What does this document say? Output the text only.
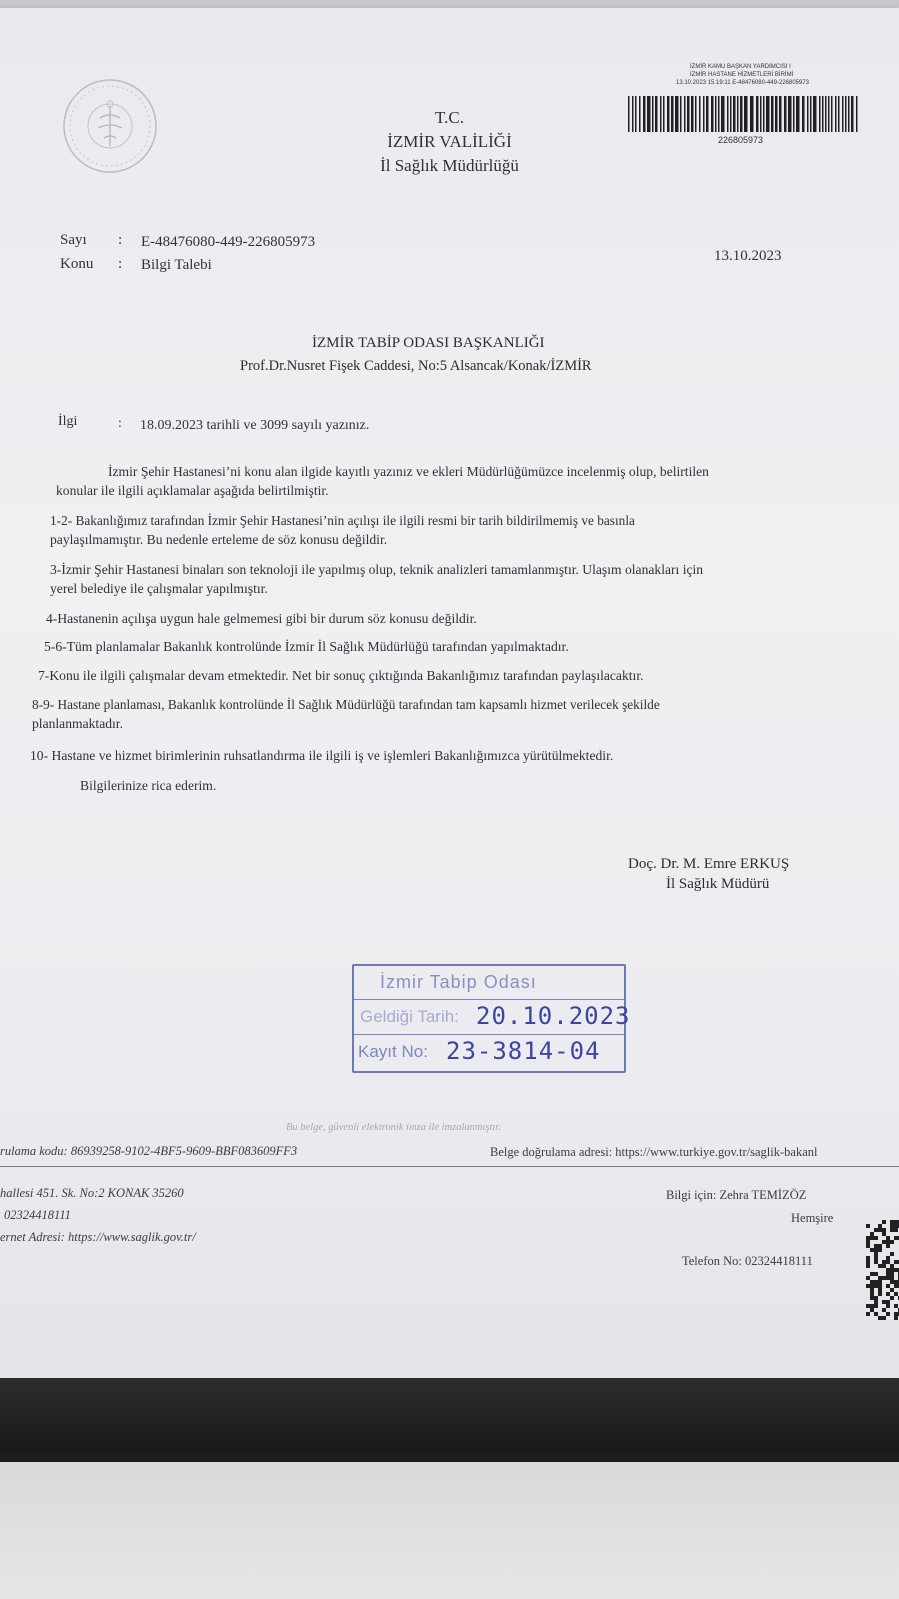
T.C.
İZMİR VALİLİĞİ
İl Sağlık Müdürlüğü
İZMİR KAMU BAŞKAN YARDIMCISI I
İZMİR HASTANE HİZMETLERİ BİRİMİ
13.10.2023 15:19:11 E-48476080-449-226805973
226805973
Sayı : E-48476080-449-226805973
Konu : Bilgi Talebi
13.10.2023
İZMİR TABİP ODASI BAŞKANLIĞI
Prof.Dr.Nusret Fişek Caddesi, No:5 Alsancak/Konak/İZMİR
İlgi	: 18.09.2023 tarihli ve 3099 sayılı yazınız.
İzmir Şehir Hastanesi’ni konu alan ilgide kayıtlı yazınız ve ekleri Müdürlüğümüzce incelenmiş olup, belirtilen
konular ile ilgili açıklamalar aşağıda belirtilmiştir.
1-2- Bakanlığımız tarafından İzmir Şehir Hastanesi’nin açılışı ile ilgili resmi bir tarih bildirilmemiş ve basınla
paylaşılmamıştır. Bu nedenle erteleme de söz konusu değildir.
3-İzmir Şehir Hastanesi binaları son teknoloji ile yapılmış olup, teknik analizleri tamamlanmıştır. Ulaşım olanakları için
yerel belediye ile çalışmalar yapılmıştır.
4-Hastanenin açılışa uygun hale gelmemesi gibi bir durum söz konusu değildir.
5-6-Tüm planlamalar Bakanlık kontrolünde İzmir İl Sağlık Müdürlüğü tarafından yapılmaktadır.
7-Konu ile ilgili çalışmalar devam etmektedir. Net bir sonuç çıktığında Bakanlığımız tarafından paylaşılacaktır.
8-9- Hastane planlaması, Bakanlık kontrolünde İl Sağlık Müdürlüğü tarafından tam kapsamlı hizmet verilecek şekilde
planlanmaktadır.
10- Hastane ve hizmet birimlerinin ruhsatlandırma ile ilgili iş ve işlemleri Bakanlığımızca yürütülmektedir.
Bilgilerinize rica ederim.
Doç. Dr. M. Emre ERKUŞ
İl Sağlık Müdürü
İzmir Tabip Odası
Geldiği Tarih: 20.10.2023
Kayıt No: 23-3814-04
Bu belge, güvenli elektronik imza ile imzalanmıştır.
rulama kodu: 86939258-9102-4BF5-9609-BBF083609FF3	Belge doğrulama adresi: https://www.turkiye.gov.tr/saglik-bakanl
hallesi 451. Sk. No:2 KONAK 35260
02324418111
ernet Adresi: https://www.saglik.gov.tr/
Bilgi için: Zehra TEMİZÖZ
Hemşire
Telefon No: 02324418111
